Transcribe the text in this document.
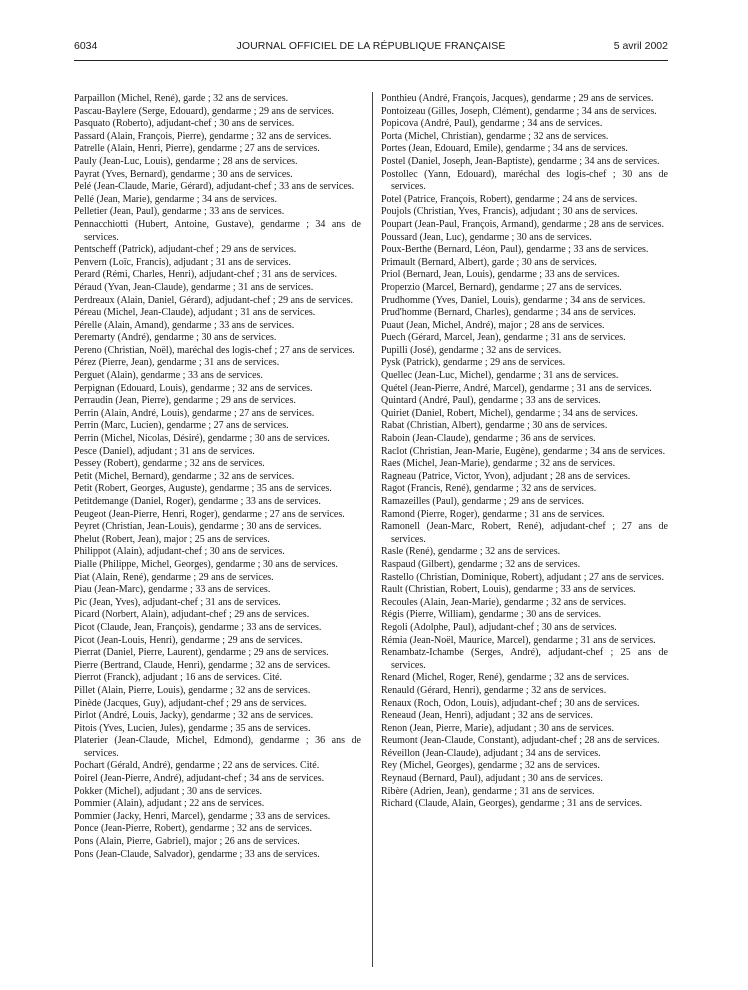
6034	JOURNAL OFFICIEL DE LA RÉPUBLIQUE FRANÇAISE	5 avril 2002

Parpaillon (Michel, René), garde ; 32 ans de services.

Pascau-Baylere (Serge, Edouard), gendarme ; 29 ans de services.

Pasquato (Roberto), adjudant-chef ; 30 ans de services.

Passard (Alain, François, Pierre), gendarme ; 32 ans de services.

Patrelle (Alain, Henri, Pierre), gendarme ; 27 ans de services.

Pauly (Jean-Luc, Louis), gendarme ; 28 ans de services.

Payrat (Yves, Bernard), gendarme ; 30 ans de services.

Pelé (Jean-Claude, Marie, Gérard), adjudant-chef ; 33 ans de services.

Pellé (Jean, Marie), gendarme ; 34 ans de services.

Pelletier (Jean, Paul), gendarme ; 33 ans de services.

Pennacchiotti (Hubert, Antoine, Gustave), gendarme ; 34 ans de services.

Pentscheff (Patrick), adjudant-chef ; 29 ans de services.

Penvern (Loïc, Francis), adjudant ; 31 ans de services.

Perard (Rémi, Charles, Henri), adjudant-chef ; 31 ans de services.

Péraud (Yvan, Jean-Claude), gendarme ; 31 ans de services.

Perdreaux (Alain, Daniel, Gérard), adjudant-chef ; 29 ans de services.

Péreau (Michel, Jean-Claude), adjudant ; 31 ans de services.

Pérelle (Alain, Amand), gendarme ; 33 ans de services.

Peremarty (André), gendarme ; 30 ans de services.

Pereno (Christian, Noël), maréchal des logis-chef ; 27 ans de services.

Pérez (Pierre, Jean), gendarme ; 31 ans de services.

Perguet (Alain), gendarme ; 33 ans de services.

Perpignan (Edouard, Louis), gendarme ; 32 ans de services.

Perraudin (Jean, Pierre), gendarme ; 29 ans de services.

Perrin (Alain, André, Louis), gendarme ; 27 ans de services.

Perrin (Marc, Lucien), gendarme ; 27 ans de services.

Perrin (Michel, Nicolas, Désiré), gendarme ; 30 ans de services.

Pesce (Daniel), adjudant ; 31 ans de services.

Pessey (Robert), gendarme ; 32 ans de services.

Petit (Michel, Bernard), gendarme ; 32 ans de services.

Petit (Robert, Georges, Auguste), gendarme ; 35 ans de services.

Petitdemange (Daniel, Roger), gendarme ; 33 ans de services.

Peugeot (Jean-Pierre, Henri, Roger), gendarme ; 27 ans de services.

Peyret (Christian, Jean-Louis), gendarme ; 30 ans de services.

Phelut (Robert, Jean), major ; 25 ans de services.

Philippot (Alain), adjudant-chef ; 30 ans de services.

Pialle (Philippe, Michel, Georges), gendarme ; 30 ans de services.

Piat (Alain, René), gendarme ; 29 ans de services.

Piau (Jean-Marc), gendarme ; 33 ans de services.

Pic (Jean, Yves), adjudant-chef ; 31 ans de services.

Picard (Norbert, Alain), adjudant-chef ; 29 ans de services.

Picot (Claude, Jean, François), gendarme ; 33 ans de services.

Picot (Jean-Louis, Henri), gendarme ; 29 ans de services.

Pierrat (Daniel, Pierre, Laurent), gendarme ; 29 ans de services.

Pierre (Bertrand, Claude, Henri), gendarme ; 32 ans de services.

Pierrot (Franck), adjudant ; 16 ans de services. Cité.

Pillet (Alain, Pierre, Louis), gendarme ; 32 ans de services.

Pinède (Jacques, Guy), adjudant-chef ; 29 ans de services.

Pirlot (André, Louis, Jacky), gendarme ; 32 ans de services.

Pitois (Yves, Lucien, Jules), gendarme ; 35 ans de services.

Platerier (Jean-Claude, Michel, Edmond), gendarme ; 36 ans de services.

Pochart (Gérald, André), gendarme ; 22 ans de services. Cité.

Poirel (Jean-Pierre, André), adjudant-chef ; 34 ans de services.

Pokker (Michel), adjudant ; 30 ans de services.

Pommier (Alain), adjudant ; 22 ans de services.

Pommier (Jacky, Henri, Marcel), gendarme ; 33 ans de services.

Ponce (Jean-Pierre, Robert), gendarme ; 32 ans de services.

Pons (Alain, Pierre, Gabriel), major ; 26 ans de services.

Pons (Jean-Claude, Salvador), gendarme ; 33 ans de services.

Ponthieu (André, François, Jacques), gendarme ; 29 ans de services.

Pontoizeau (Gilles, Joseph, Clément), gendarme ; 34 ans de services.

Popicova (André, Paul), gendarme ; 34 ans de services.

Porta (Michel, Christian), gendarme ; 32 ans de services.

Portes (Jean, Edouard, Emile), gendarme ; 34 ans de services.

Postel (Daniel, Joseph, Jean-Baptiste), gendarme ; 34 ans de services.

Postollec (Yann, Edouard), maréchal des logis-chef ; 30 ans de services.

Potel (Patrice, François, Robert), gendarme ; 24 ans de services.

Poujols (Christian, Yves, Francis), adjudant ; 30 ans de services.

Poupart (Jean-Paul, François, Armand), gendarme ; 28 ans de services.

Poussard (Jean, Luc), gendarme ; 30 ans de services.

Poux-Berthe (Bernard, Léon, Paul), gendarme ; 33 ans de services.

Primault (Bernard, Albert), garde ; 30 ans de services.

Priol (Bernard, Jean, Louis), gendarme ; 33 ans de services.

Properzio (Marcel, Bernard), gendarme ; 27 ans de services.

Prudhomme (Yves, Daniel, Louis), gendarme ; 34 ans de services.

Prud'homme (Bernard, Charles), gendarme ; 34 ans de services.

Puaut (Jean, Michel, André), major ; 28 ans de services.

Puech (Gérard, Marcel, Jean), gendarme ; 31 ans de services.

Pupilli (José), gendarme ; 32 ans de services.

Pysk (Patrick), gendarme ; 29 ans de services.

Quellec (Jean-Luc, Michel), gendarme ; 31 ans de services.

Quétel (Jean-Pierre, André, Marcel), gendarme ; 31 ans de services.

Quintard (André, Paul), gendarme ; 33 ans de services.

Quiriet (Daniel, Robert, Michel), gendarme ; 34 ans de services.

Rabat (Christian, Albert), gendarme ; 30 ans de services.

Raboin (Jean-Claude), gendarme ; 36 ans de services.

Raclot (Christian, Jean-Marie, Eugène), gendarme ; 34 ans de services.

Raes (Michel, Jean-Marie), gendarme ; 32 ans de services.

Ragneau (Patrice, Victor, Yvon), adjudant ; 28 ans de services.

Ragot (Francis, René), gendarme ; 32 ans de services.

Ramazeilles (Paul), gendarme ; 29 ans de services.

Ramond (Pierre, Roger), gendarme ; 31 ans de services.

Ramonell (Jean-Marc, Robert, René), adjudant-chef ; 27 ans de services.

Rasle (René), gendarme ; 32 ans de services.

Raspaud (Gilbert), gendarme ; 32 ans de services.

Rastello (Christian, Dominique, Robert), adjudant ; 27 ans de services.

Rault (Christian, Robert, Louis), gendarme ; 33 ans de services.

Recoules (Alain, Jean-Marie), gendarme ; 32 ans de services.

Régis (Pierre, William), gendarme ; 30 ans de services.

Regoli (Adolphe, Paul), adjudant-chef ; 30 ans de services.

Rémia (Jean-Noël, Maurice, Marcel), gendarme ; 31 ans de services.

Renambatz-Ichambe (Serges, André), adjudant-chef ; 25 ans de services.

Renard (Michel, Roger, René), gendarme ; 32 ans de services.

Renauld (Gérard, Henri), gendarme ; 32 ans de services.

Renaux (Roch, Odon, Louis), adjudant-chef ; 30 ans de services.

Reneaud (Jean, Henri), adjudant ; 32 ans de services.

Renon (Jean, Pierre, Marie), adjudant ; 30 ans de services.

Reumont (Jean-Claude, Constant), adjudant-chef ; 28 ans de services.

Réveillon (Jean-Claude), adjudant ; 34 ans de services.

Rey (Michel, Georges), gendarme ; 32 ans de services.

Reynaud (Bernard, Paul), adjudant ; 30 ans de services.

Ribère (Adrien, Jean), gendarme ; 31 ans de services.

Richard (Claude, Alain, Georges), gendarme ; 31 ans de services.
